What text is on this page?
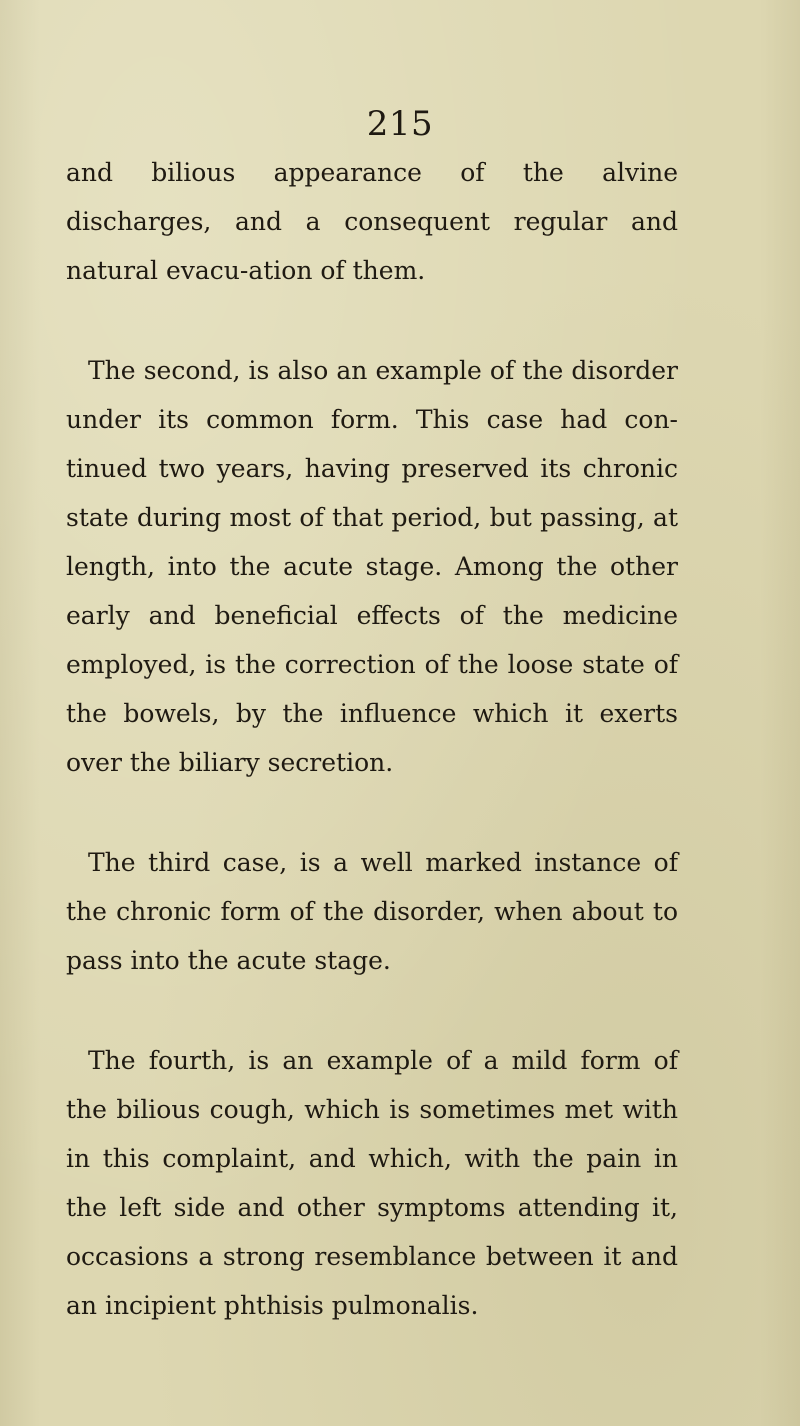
215

and bilious appearance of the alvine discharges, and a consequent regular and natural evacu-ation of them.

The second, is also an example of the disorder under its common form. This case had con-tinued two years, having preserved its chronic state during most of that period, but passing, at length, into the acute stage. Among the other early and beneficial effects of the medicine employed, is the correction of the loose state of the bowels, by the influence which it exerts over the biliary secretion.

The third case, is a well marked instance of the chronic form of the disorder, when about to pass into the acute stage.

The fourth, is an example of a mild form of the bilious cough, which is sometimes met with in this complaint, and which, with the pain in the left side and other symptoms attending it, occasions a strong resemblance between it and an incipient phthisis pulmonalis.
